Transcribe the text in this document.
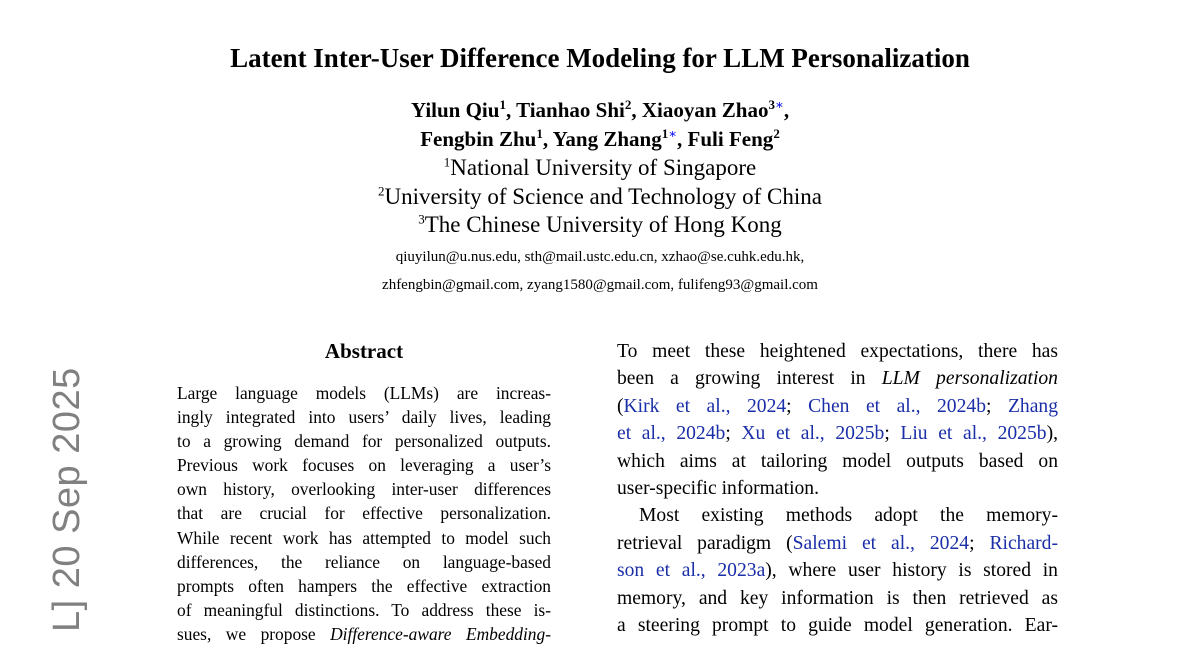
Latent Inter-User Difference Modeling for LLM Personalization
Yilun Qiu$^1$, Tianhao Shi$^2$, Xiaoyan Zhao$^{3∗}$,
Fengbin Zhu$^1$, Yang Zhang$^{1∗}$, Fuli Feng$^2$
$^1$National University of Singapore
$^2$University of Science and Technology of China
$^3$The Chinese University of Hong Kong
qiuyilun@u.nus.edu, sth@mail.ustc.edu.cn, xzhao@se.cuhk.edu.hk,
zhfengbin@gmail.com, zyang1580@gmail.com, fulifeng93@gmail.com
L] 20 Sep 2025
Abstract
Large language models (LLMs) are increas-
ingly integrated into users’ daily lives, leading
to a growing demand for personalized outputs.
Previous work focuses on leveraging a user’s
own history, overlooking inter-user differences
that are crucial for effective personalization.
While recent work has attempted to model such
differences, the reliance on language-based
prompts often hampers the effective extraction
of meaningful distinctions. To address these is-
sues, we propose Difference-aware Embedding-
To meet these heightened expectations, there has
been a growing interest in LLM personalization
(Kirk et al., 2024; Chen et al., 2024b; Zhang
et al., 2024b; Xu et al., 2025b; Liu et al., 2025b),
which aims at tailoring model outputs based on
user-specific information.
Most existing methods adopt the memory-
retrieval paradigm (Salemi et al., 2024; Richard-
son et al., 2023a), where user history is stored in
memory, and key information is then retrieved as
a steering prompt to guide model generation. Ear-
